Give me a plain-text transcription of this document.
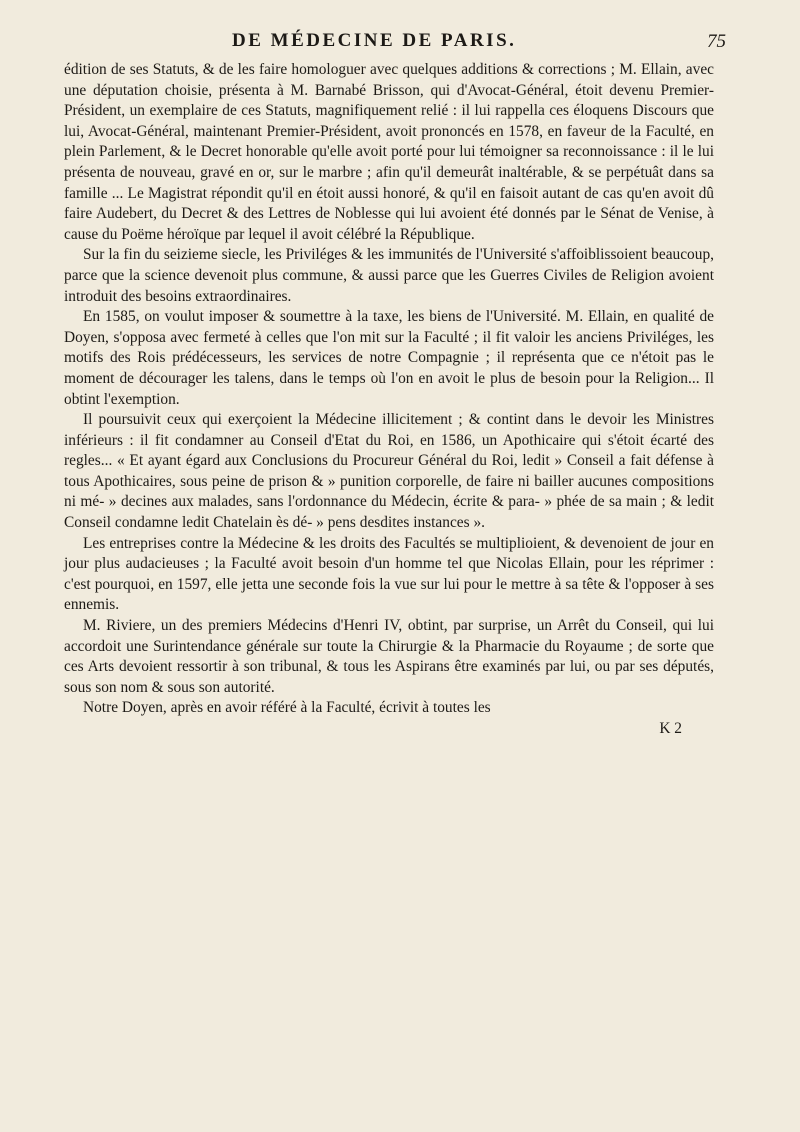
DE MÉDECINE DE PARIS.	75

édition de ses Statuts, & de les faire homologuer avec quelques additions & corrections ; M. Ellain, avec une députation choisie, présenta à M. Barnabé Brisson, qui d'Avocat-Général, étoit devenu Premier-Président, un exemplaire de ces Statuts, magnifiquement relié : il lui rappella ces éloquens Discours que lui, Avocat-Général, maintenant Premier-Président, avoit prononcés en 1578, en faveur de la Faculté, en plein Parlement, & le Decret honorable qu'elle avoit porté pour lui témoigner sa reconnoissance : il le lui présenta de nouveau, gravé en or, sur le marbre ; afin qu'il demeurât inaltérable, & se perpétuât dans sa famille ... Le Magistrat répondit qu'il en étoit aussi honoré, & qu'il en faisoit autant de cas qu'en avoit dû faire Audebert, du Decret & des Lettres de Noblesse qui lui avoient été donnés par le Sénat de Venise, à cause du Poëme héroïque par lequel il avoit célébré la République.

Sur la fin du seizieme siecle, les Priviléges & les immunités de l'Université s'affoiblissoient beaucoup, parce que la science devenoit plus commune, & aussi parce que les Guerres Civiles de Religion avoient introduit des besoins extraordinaires.

En 1585, on voulut imposer & soumettre à la taxe, les biens de l'Université. M. Ellain, en qualité de Doyen, s'opposa avec fermeté à celles que l'on mit sur la Faculté ; il fit valoir les anciens Priviléges, les motifs des Rois prédécesseurs, les services de notre Compagnie ; il représenta que ce n'étoit pas le moment de décourager les talens, dans le temps où l'on en avoit le plus de besoin pour la Religion... Il obtint l'exemption.

Il poursuivit ceux qui exerçoient la Médecine illicitement ; & contint dans le devoir les Ministres inférieurs : il fit condamner au Conseil d'Etat du Roi, en 1586, un Apothicaire qui s'étoit écarté des regles... « Et ayant égard aux Conclusions du Procureur Général du Roi, ledit » Conseil a fait défense à tous Apothicaires, sous peine de prison & » punition corporelle, de faire ni bailler aucunes compositions ni mé- » decines aux malades, sans l'ordonnance du Médecin, écrite & para- » phée de sa main ; & ledit Conseil condamne ledit Chatelain ès dé- » pens desdites instances ».

Les entreprises contre la Médecine & les droits des Facultés se multiplioient, & devenoient de jour en jour plus audacieuses ; la Faculté avoit besoin d'un homme tel que Nicolas Ellain, pour les réprimer : c'est pourquoi, en 1597, elle jetta une seconde fois la vue sur lui pour le mettre à sa tête & l'opposer à ses ennemis.

M. Riviere, un des premiers Médecins d'Henri IV, obtint, par surprise, un Arrêt du Conseil, qui lui accordoit une Surintendance générale sur toute la Chirurgie & la Pharmacie du Royaume ; de sorte que ces Arts devoient ressortir à son tribunal, & tous les Aspirans être examinés par lui, ou par ses députés, sous son nom & sous son autorité.

Notre Doyen, après en avoir référé à la Faculté, écrivit à toutes les

K 2
